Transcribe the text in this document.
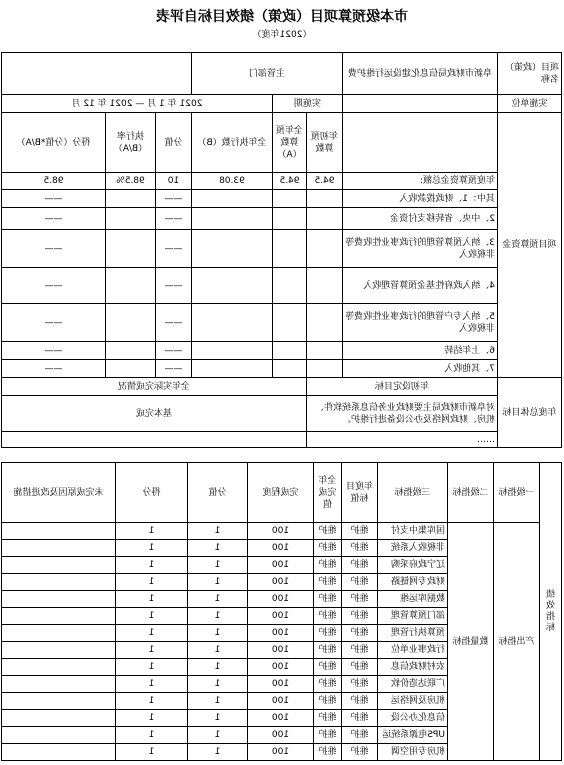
市本级预算项目（政策）绩效目标自评表
（2021年度）
项目（政策）名称	阜新市财政局信息化建设运行维护费	主管部门					
实施单位		实施期		2021 年 1 月 — 2021 年 12 月			
项目预算资金		年初预算数	全年预算数（A）	全年执行数（B）	分值	执行率（B/A）	得分（分值*B/A）
	年度预算资金总额:	94.5	94.5	93.08	10	98.5%	98.5
	其中：1、财政拨款收入				——		——
	2、中央、省转移支付资金				——		——
	3、纳入预算管理的行政事业性收费等非税收入				——		——
	4、纳入政府性基金预算管理收入				——		——
	5、纳入专户管理的行政事业性收费等非税收入				——		——
	6、上年结转				——		——
	7、其他收入				——		——
年度总体目标	年初设定目标		全年实际完成情况				
	对阜新市财政局主要财政业务信息系统软件、机房、财政网络及办公设备进行维护。		基本完成				
	……						
绩效指标	一级指标	二级指标	三级指标	年度目标值	全年完成值	完成程度	分值	得分	未完成原因及改进措施
	产出指标	数量指标	国库集中支付	维护	维护	100	1	1	
			非税收入系统	维护	维护	100	1	1	
			辽宁政府采购	维护	维护	100	1	1	
			财政专网链路	维护	维护	100	1	1	
			数据库运维	维护	维护	100	1	1	
			部门预算管理	维护	维护	100	1	1	
			预算执行管理	维护	维护	100	1	1	
			行政事业单位	维护	维护	100	1	1	
			农村财政信息	维护	维护	100	1	1	
			广联达造价软	维护	维护	100	1	1	
			机房及网络运	维护	维护	100	1	1	
			信息化办公设	维护	维护	100	1	1	
			UPS电源系统运	维护	维护	100	1	1	
			机房专用空调	维护	维护	100	1	1	
